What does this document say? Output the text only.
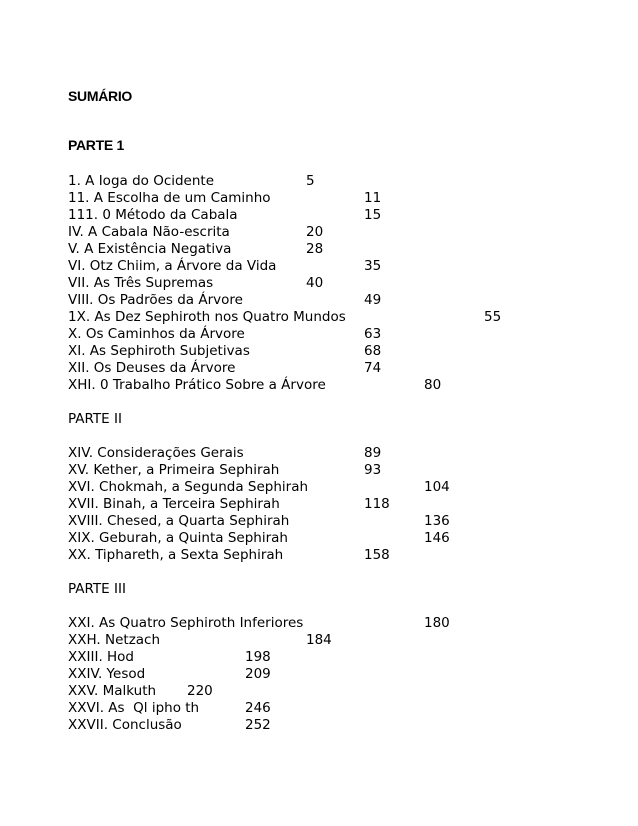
SUMÁRIO
PARTE 1
1. A Ioga do Ocidente	5
11. A Escolha de um Caminho	11
111. 0 Método da Cabala	15
IV. A Cabala Não-escrita	20
V. A Existência Negativa	28
VI. Otz Chiim, a Árvore da Vida	35
VII. As Três Supremas	40
VIII. Os Padrões da Árvore	49
1X. As Dez Sephiroth nos Quatro Mundos	55
X. Os Caminhos da Árvore	63
XI. As Sephiroth Subjetivas	68
XII. Os Deuses da Árvore	74
XHI. 0 Trabalho Prático Sobre a Árvore	80
PARTE II
XIV. Considerações Gerais	89
XV. Kether, a Primeira Sephirah	93
XVI. Chokmah, a Segunda Sephirah	104
XVII. Binah, a Terceira Sephirah	118
XVIII. Chesed, a Quarta Sephirah	136
XIX. Geburah, a Quinta Sephirah	146
XX. Tiphareth, a Sexta Sephirah	158
PARTE III
XXI. As Quatro Sephiroth Inferiores	180
XXH. Netzach	184
XXIII. Hod	198
XXIV. Yesod	209
XXV. Malkuth 220
XXVI. As  Ql ipho th	246
XXVII. Conclusão	252
